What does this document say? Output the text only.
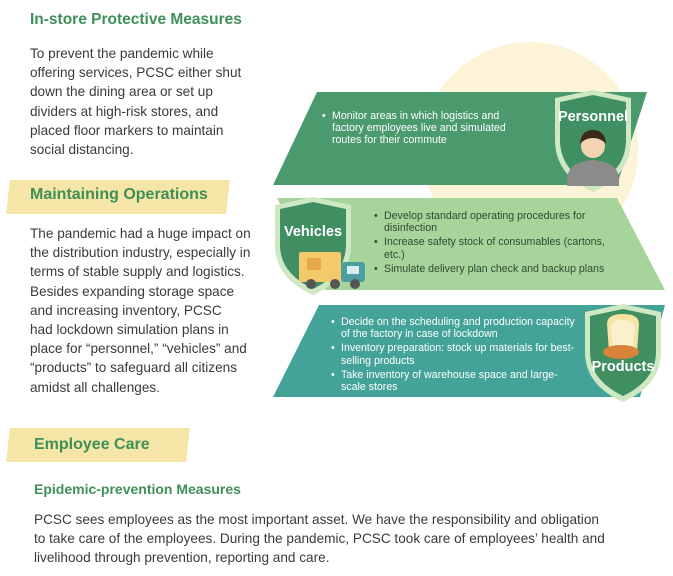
In-store Protective Measures
To prevent the pandemic while
offering services, PCSC either shut
down the dining area or set up
dividers at high-risk stores, and
placed floor markers to maintain
social distancing.
Maintaining Operations
The pandemic had a huge impact on
the distribution industry, especially in
terms of stable supply and logistics.
Besides expanding storage space
and increasing inventory, PCSC
had lockdown simulation plans in
place for “personnel,” “vehicles” and
“products” to safeguard all citizens
amidst all challenges.
Personnel
Vehicles
Products
• Monitor areas in which logistics and factory employees live and simulated routes for their commute
• Develop standard operating procedures for disinfection
• Increase safety stock of consumables (cartons, etc.)
• Simulate delivery plan check and backup plans
• Decide on the scheduling and production capacity of the factory in case of lockdown
• Inventory preparation: stock up materials for best-selling products
• Take inventory of warehouse space and large-scale stores
Employee Care
Epidemic-prevention Measures
PCSC sees employees as the most important asset. We have the responsibility and obligation
to take care of the employees. During the pandemic, PCSC took care of employees’ health and
livelihood through prevention, reporting and care.
